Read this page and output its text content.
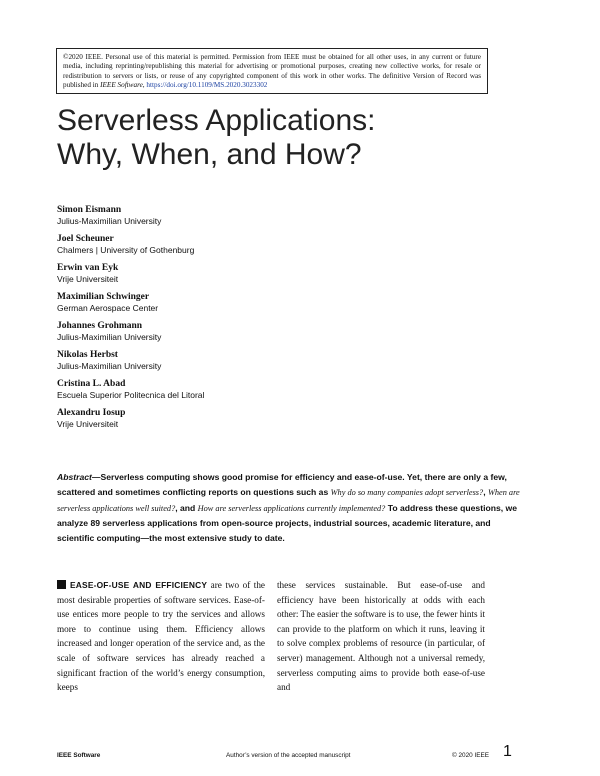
©2020 IEEE. Personal use of this material is permitted. Permission from IEEE must be obtained for all other uses, in any current or future media, including reprinting/republishing this material for advertising or promotional purposes, creating new collective works, for resale or redistribution to servers or lists, or reuse of any copyrighted component of this work in other works. The definitive Version of Record was published in IEEE Software, https://doi.org/10.1109/MS.2020.3023302
Serverless Applications:
Why, When, and How?
Simon Eismann
Julius-Maximilian University
Joel Scheuner
Chalmers | University of Gothenburg
Erwin van Eyk
Vrije Universiteit
Maximilian Schwinger
German Aerospace Center
Johannes Grohmann
Julius-Maximilian University
Nikolas Herbst
Julius-Maximilian University
Cristina L. Abad
Escuela Superior Politecnica del Litoral
Alexandru Iosup
Vrije Universiteit
Abstract—Serverless computing shows good promise for efficiency and ease-of-use. Yet, there are only a few, scattered and sometimes conflicting reports on questions such as Why do so many companies adopt serverless?, When are serverless applications well suited?, and How are serverless applications currently implemented? To address these questions, we analyze 89 serverless applications from open-source projects, industrial sources, academic literature, and scientific computing—the most extensive study to date.
EASE-OF-USE AND EFFICIENCY are two of the most desirable properties of software services. Ease-of-use entices more people to try the services and allows more to continue using them. Efficiency allows increased and longer operation of the service and, as the scale of software services has already reached a significant fraction of the world’s energy consumption, keeps
these services sustainable. But ease-of-use and efficiency have been historically at odds with each other: The easier the software is to use, the fewer hints it can provide to the platform on which it runs, leaving it to solve complex problems of resource (in particular, of server) management. Although not a universal remedy, serverless computing aims to provide both ease-of-use and
IEEE Software	Author’s version of the accepted manuscript	© 2020 IEEE 1
